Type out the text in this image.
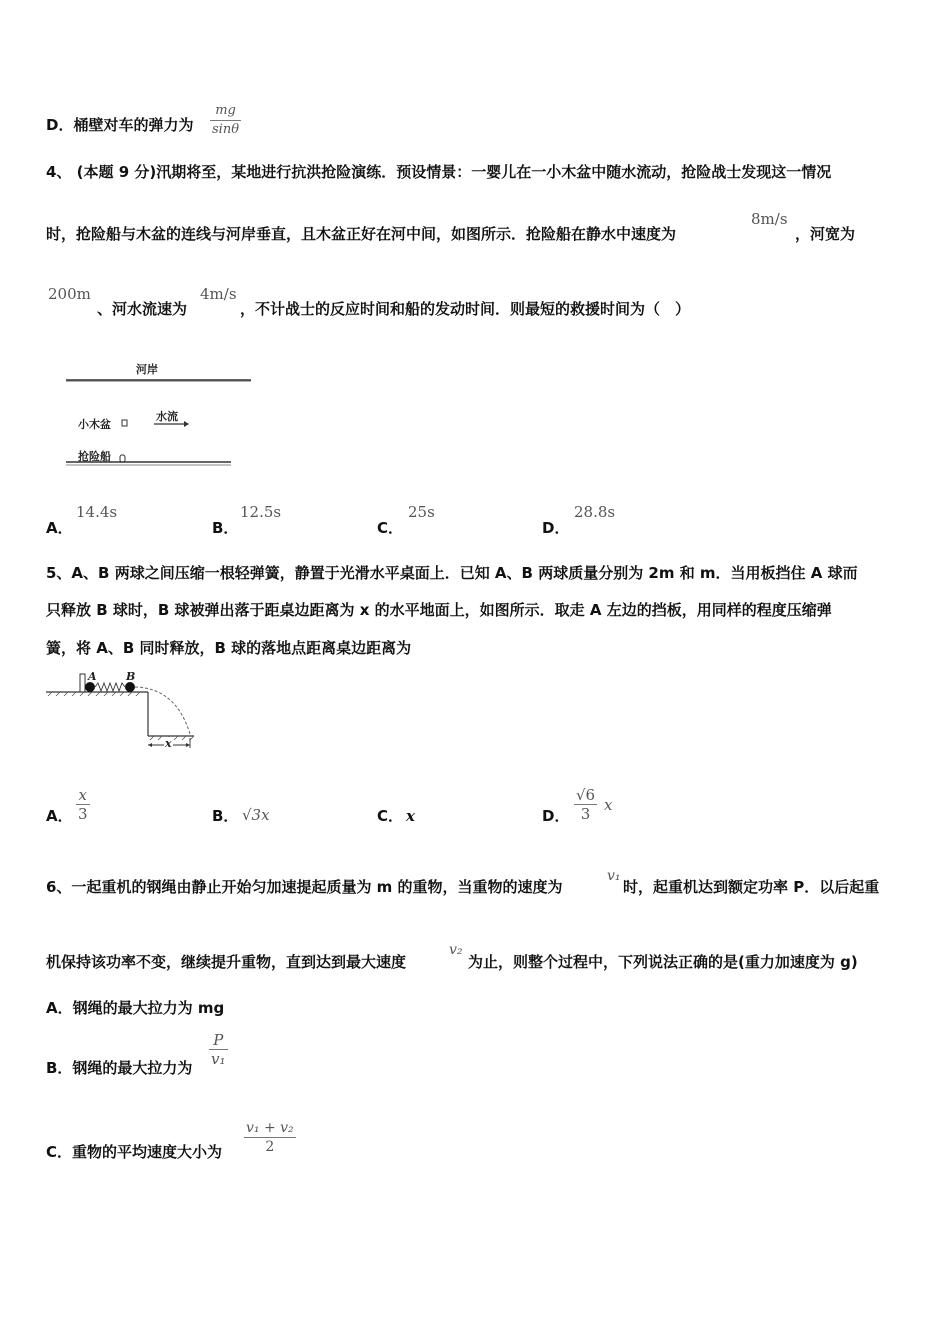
D．桶壁对车的弹力为
mg
sinθ
4、 (本题 9 分)汛期将至，某地进行抗洪抢险演练．预设情景：一婴儿在一小木盆中随水流动，抢险战士发现这一情况
时，抢险船与木盆的连线与河岸垂直，且木盆正好在河中间，如图所示．抢险船在静水中速度为
8m/s
，河宽为
200m
、河水流速为
4m/s
，不计战士的反应时间和船的发动时间．则最短的救援时间为（　）
河岸
小木盆
水流
抢险船
A．
14.4s
B．
12.5s
C．
25s
D．
28.8s
5、A、B 两球之间压缩一根轻弹簧，静置于光滑水平桌面上．已知 A、B 两球质量分别为 2m 和 m．当用板挡住 A 球而
只释放 B 球时，B 球被弹出落于距桌边距离为 x 的水平地面上，如图所示．取走 A 左边的挡板，用同样的程度压缩弹
簧，将 A、B 同时释放，B 球的落地点距离桌边距离为
A	B
x
A．
x
3	B． √3x	C． x	D．
√6
3 x
6、一起重机的钢绳由静止开始匀加速提起质量为 m 的重物，当重物的速度为
v₁
时，起重机达到额定功率 P．以后起重
机保持该功率不变，继续提升重物，直到达到最大速度
v₂
为止，则整个过程中，下列说法正确的是(重力加速度为 g)
A．钢绳的最大拉力为 mg
B．钢绳的最大拉力为
P
v₁
C．重物的平均速度大小为
v₁ + v₂
2
